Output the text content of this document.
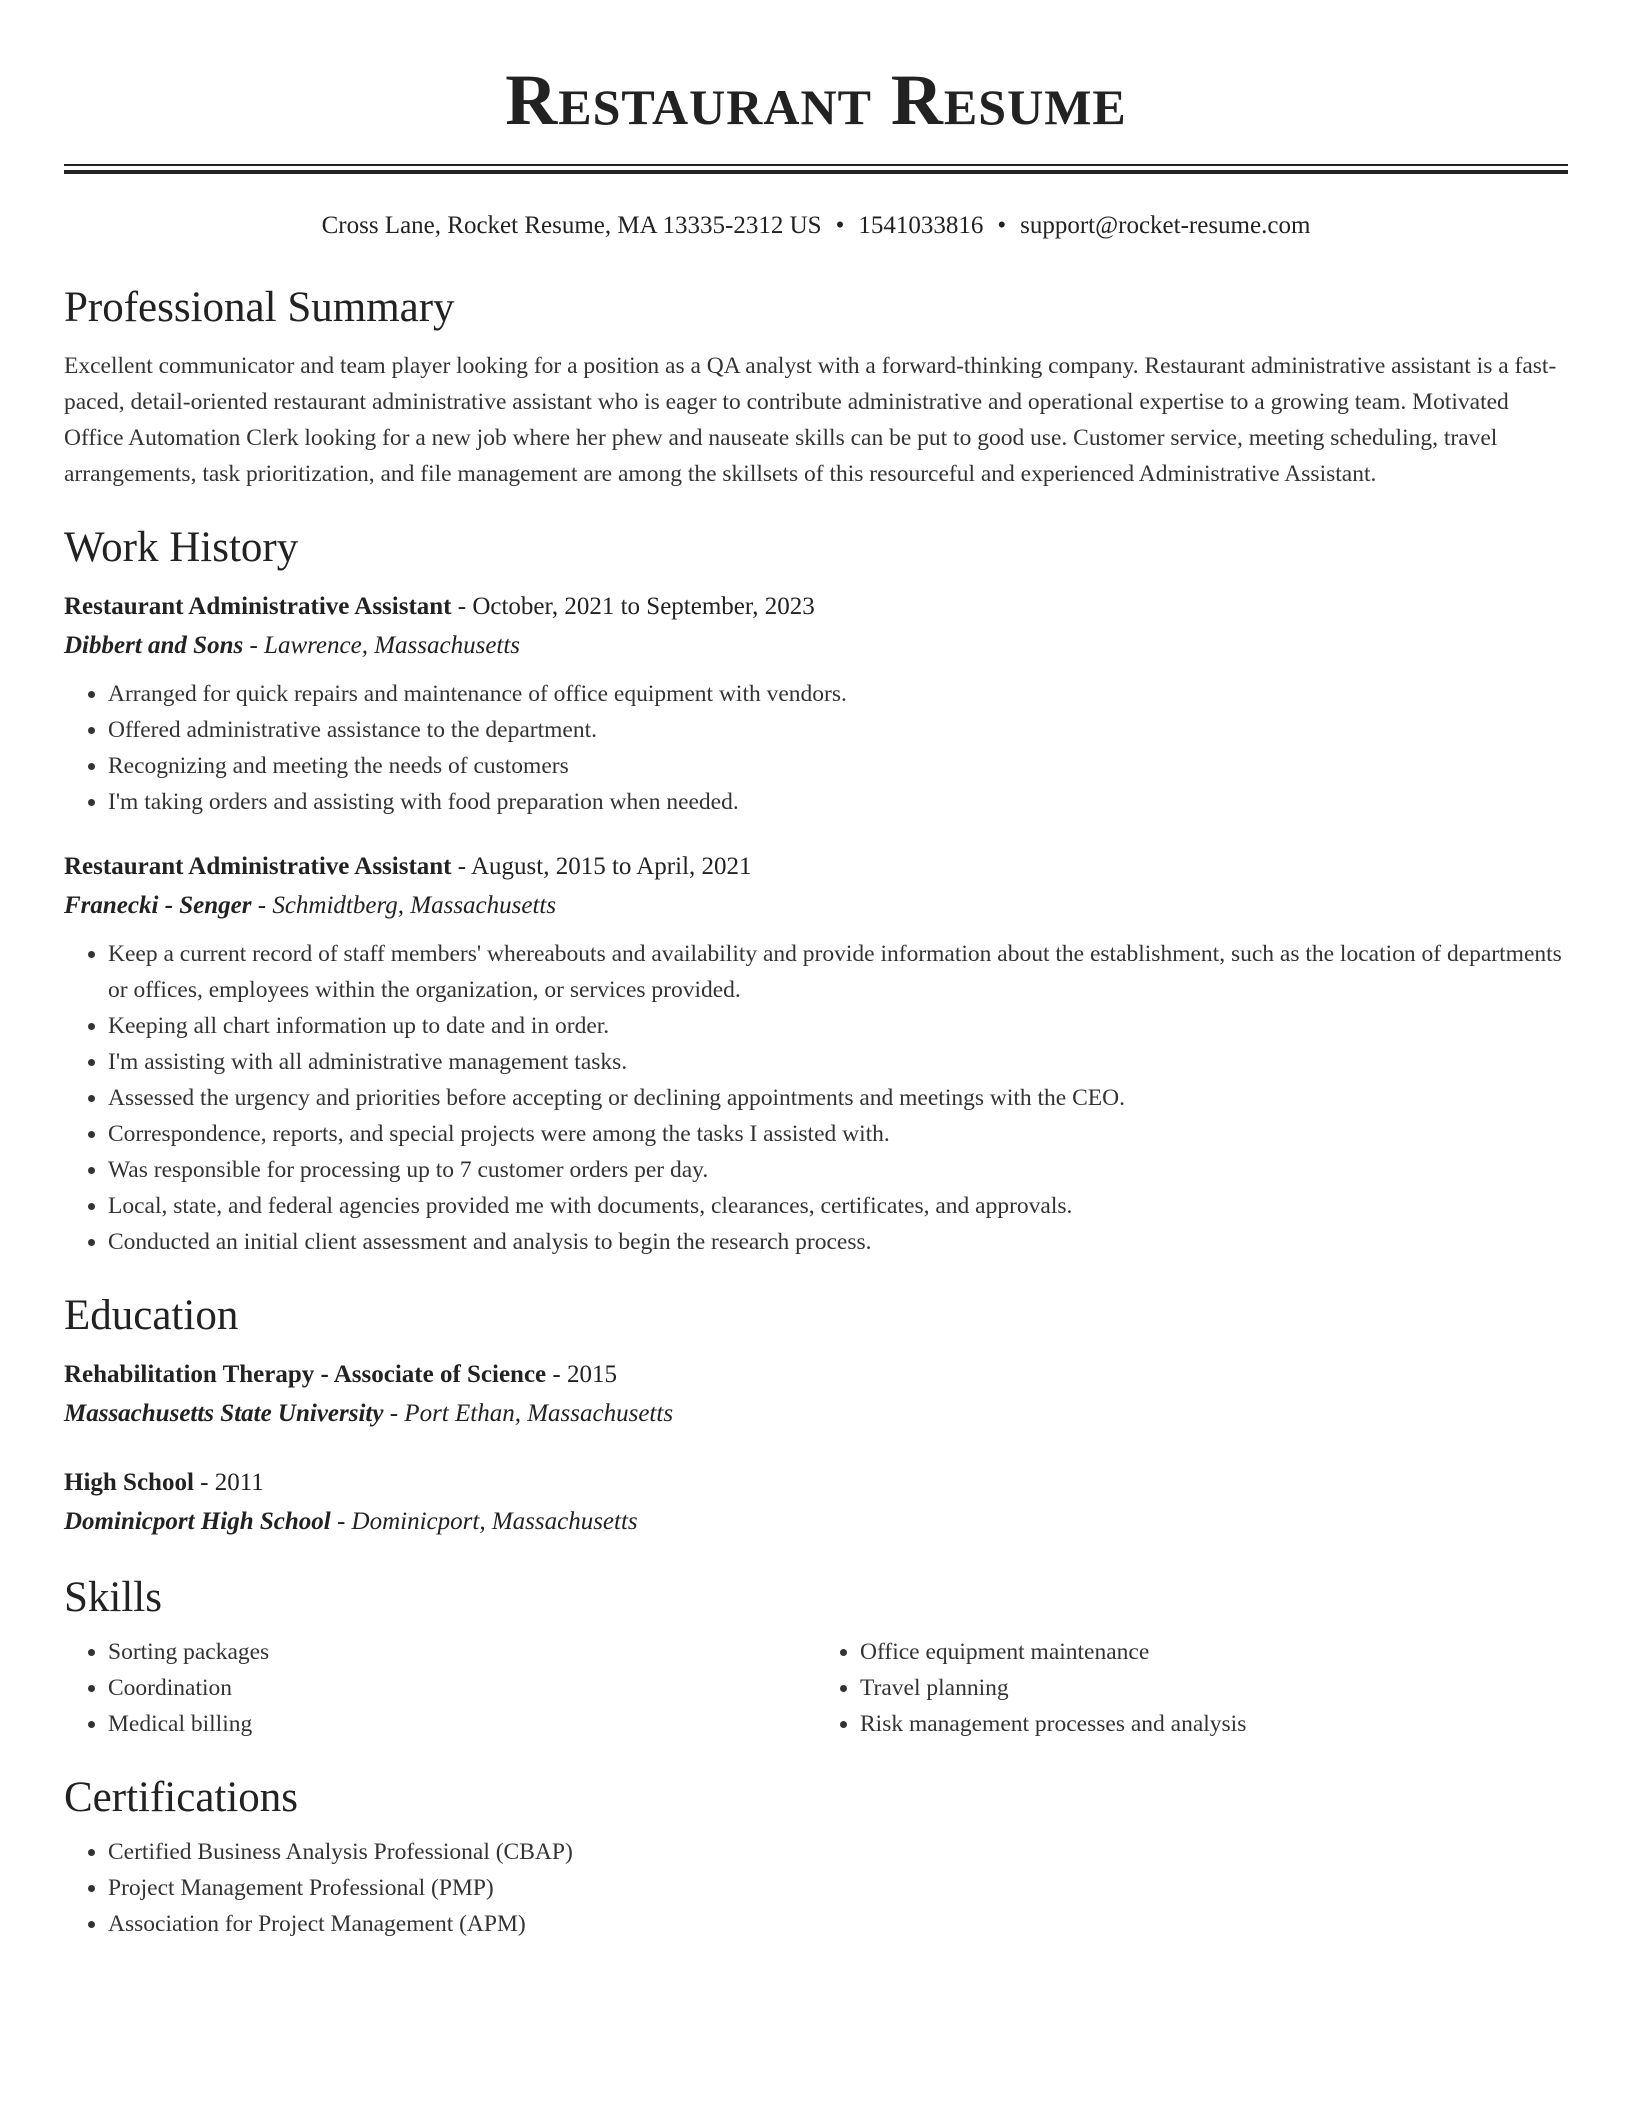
Restaurant Resume
Cross Lane, Rocket Resume, MA 13335-2312 US • 1541033816 • support@rocket-resume.com
Professional Summary

Excellent communicator and team player looking for a position as a QA analyst with a forward-thinking company. Restaurant administrative assistant is a fast-paced, detail-oriented restaurant administrative assistant who is eager to contribute administrative and operational expertise to a growing team. Motivated Office Automation Clerk looking for a new job where her phew and nauseate skills can be put to good use. Customer service, meeting scheduling, travel arrangements, task prioritization, and file management are among the skillsets of this resourceful and experienced Administrative Assistant.

Work History
Restaurant Administrative Assistant - October, 2021 to September, 2023
Dibbert and Sons - Lawrence, Massachusetts
• Arranged for quick repairs and maintenance of office equipment with vendors.
• Offered administrative assistance to the department.
• Recognizing and meeting the needs of customers
• I'm taking orders and assisting with food preparation when needed.
Restaurant Administrative Assistant - August, 2015 to April, 2021
Franecki - Senger - Schmidtberg, Massachusetts
• Keep a current record of staff members' whereabouts and availability and provide information about the establishment, such as the location of departments or offices, employees within the organization, or services provided.
• Keeping all chart information up to date and in order.
• I'm assisting with all administrative management tasks.
• Assessed the urgency and priorities before accepting or declining appointments and meetings with the CEO.
• Correspondence, reports, and special projects were among the tasks I assisted with.
• Was responsible for processing up to 7 customer orders per day.
• Local, state, and federal agencies provided me with documents, clearances, certificates, and approvals.
• Conducted an initial client assessment and analysis to begin the research process.
Education
Rehabilitation Therapy - Associate of Science - 2015
Massachusetts State University - Port Ethan, Massachusetts
High School - 2011
Dominicport High School - Dominicport, Massachusetts
Skills
• Sorting packages
• Coordination
• Medical billing
• Office equipment maintenance
• Travel planning
• Risk management processes and analysis
Certifications
• Certified Business Analysis Professional (CBAP)
• Project Management Professional (PMP)
• Association for Project Management (APM)
